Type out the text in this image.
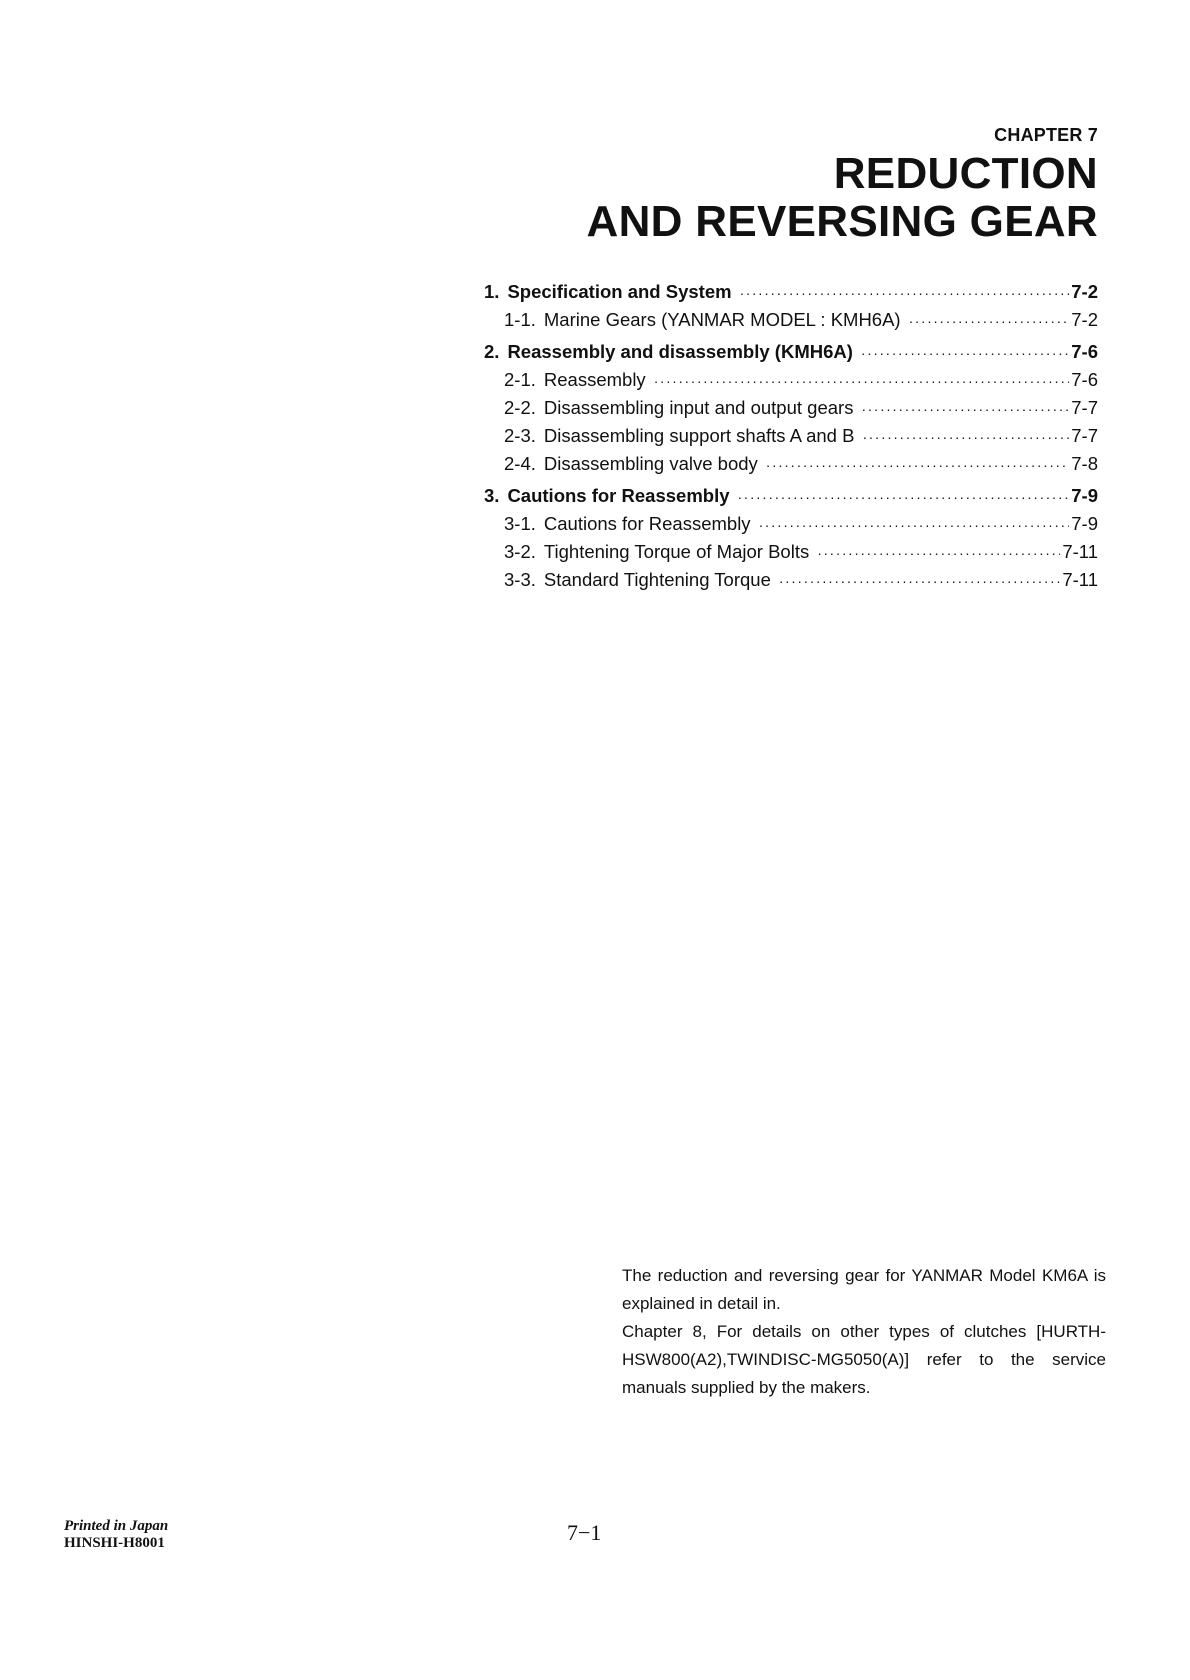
CHAPTER 7
REDUCTION
AND REVERSING GEAR
1. Specification and System ·····	7-2
1-1. Marine Gears (YANMAR MODEL : KMH6A) ·····	7-2
2. Reassembly and disassembly (KMH6A) ·····	7-6
2-1. Reassembly ·····	7-6
2-2. Disassembling input and output gears ·····	7-7
2-3. Disassembling support shafts A and B ·····	7-7
2-4. Disassembling valve body ·····	7-8
3. Cautions for Reassembly ·····	7-9
3-1. Cautions for Reassembly ·····	7-9
3-2. Tightening Torque of Major Bolts ·····	7-11
3-3. Standard Tightening Torque ·····	7-11

The reduction and reversing gear for YANMAR Model KM6A is explained in detail in.

Chapter 8, For details on other types of clutches [HURTH-HSW800(A2),TWINDISC-MG5050(A)] refer to the service manuals supplied by the makers.

Printed in Japan
HINSHI-H8001	7−1
